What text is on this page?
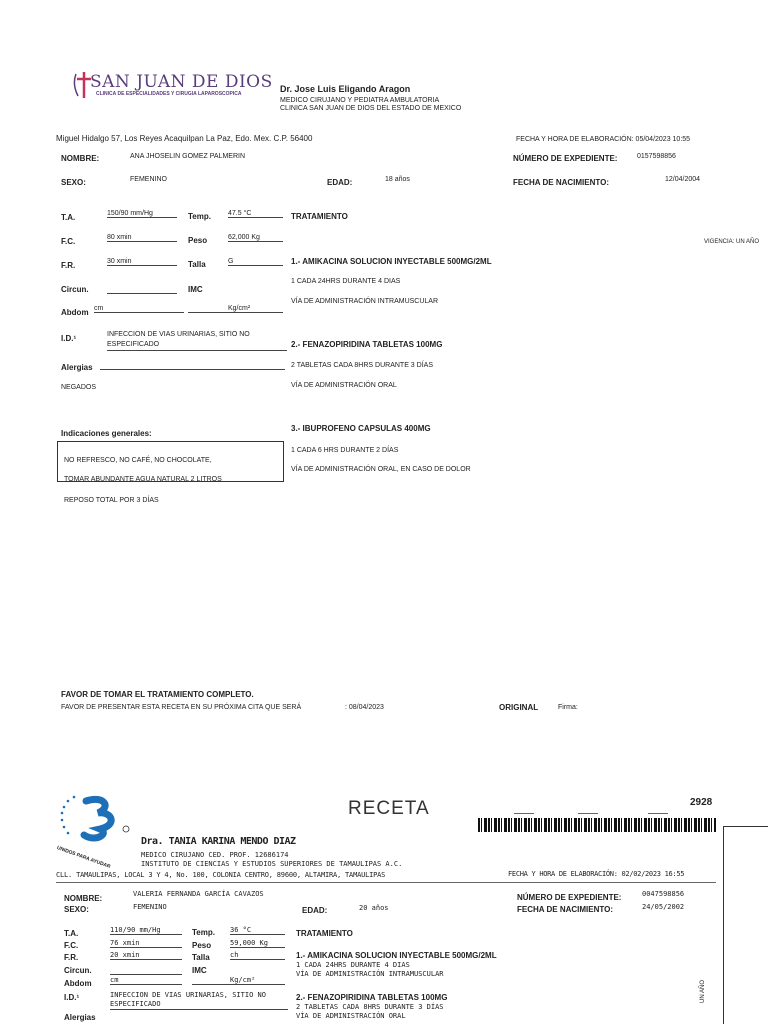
SAN JUAN DE DIOS
CLINICA DE ESPECIALIDADES Y CIRUGIA LAPAROSCOPICA	Dr. Jose Luis Eligando Aragon
MEDICO CIRUJANO Y PEDIATRA AMBULATORIA
CLINICA SAN JUAN DE DIOS DEL ESTADO DE MEXICO
Miguel Hidalgo 57, Los Reyes Acaquilpan La Paz, Edo. Mex. C.P. 56400	FECHA Y HORA DE ELABORACIÓN: 05/04/2023 10:55
NOMBRE:	ANA JHOSELIN GOMEZ PALMERIN	NÚMERO DE EXPEDIENTE:	0157598856
SEXO:	FEMENINO	EDAD:	18 años	FECHA DE NACIMIENTO:	12/04/2004
T.A.	150/90 mm/Hg	Temp. 47.5 °C	TRATAMIENTO
F.C.	80 xmin	Peso	62,000 Kg
VIGENCIA: UN AÑO
F.R.	30 xmin	Talla	G	1.- AMIKACINA SOLUCION INYECTABLE 500MG/2ML
1 CADA 24HRS DURANTE 4 DIAS
Circun.	IMC
VÍA DE ADMINISTRACIÓN INTRAMUSCULAR
Abdom cm	Kg/cm²
I.D.¹	INFECCION DE VIAS URINARIAS, SITIO NO ESPECIFICADO	2.- FENAZOPIRIDINA TABLETAS 100MG
Alergias	2 TABLETAS CADA 8HRS DURANTE 3 DÍAS
NEGADOS	VÍA DE ADMINISTRACIÓN ORAL
Indicaciones generales:
3.- IBUPROFENO CAPSULAS 400MG
1 CADA 6 HRS DURANTE 2 DÍAS
NO REFRESCO, NO CAFÉ, NO CHOCOLATE,
VÍA DE ADMINISTRACIÓN ORAL, EN CASO DE DOLOR
TOMAR ABUNDANTE AGUA NATURAL 2 LITROS
REPOSO TOTAL POR 3 DÍAS
FAVOR DE TOMAR EL TRATAMIENTO COMPLETO.
FAVOR DE PRESENTAR ESTA RECETA EN SU PRÓXIMA CITA QUE SERÁ	: 08/04/2023	ORIGINAL	Firma:
UNIDOS PARA AYUDAR
RECETA	2928
UN AÑO
Dra. TANIA KARINA MENDO DIAZ
MEDICO CIRUJANO CED. PROF. 12686174
INSTITUTO DE CIENCIAS Y ESTUDIOS SUPERIORES DE TAMAULIPAS A.C.
CLL. TAMAULIPAS, LOCAL 3 Y 4, No. 100, COLONIA CENTRO, 89600, ALTAMIRA, TAMAULIPAS	FECHA Y HORA DE ELABORACIÓN: 02/02/2023 16:55
NOMBRE:	VALERIA FERNANDA GARCÍA CAVAZOS	NÚMERO DE EXPEDIENTE:	0047598856
SEXO:	FEMENINO	EDAD:	20 años	FECHA DE NACIMIENTO:	24/05/2002
T.A.	110/90 mm/Hg	Temp. 36 °C	TRATAMIENTO
F.C.	76 xmin	Peso	59,000 Kg
F.R.	20 xmin	Talla	ch	1.- AMIKACINA SOLUCION INYECTABLE 500MG/2ML
1 CADA 24HRS DURANTE 4 DIAS
Circun.	IMC	VÍA DE ADMINISTRACIÓN INTRAMUSCULAR
Abdom	cm	Kg/cm²
I.D.¹	INFECCION DE VIAS URINARIAS, SITIO NO ESPECIFICADO
2.- FENAZOPIRIDINA TABLETAS 100MG
2 TABLETAS CADA 8HRS DURANTE 3 DÍAS
Alergias	VÍA DE ADMINISTRACIÓN ORAL
